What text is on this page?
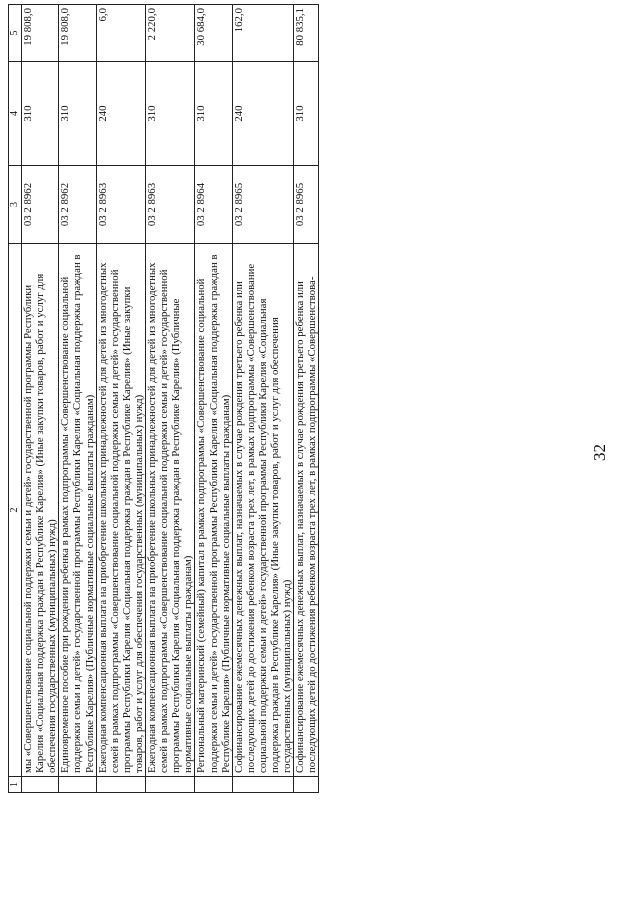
32
1	2	3	4	5
	мы «Совершенствование социальной поддержки семьи и детей» государственной программы Республики Карелия «Социальная поддержка граждан в Республике Карелия» (Иные закупки товаров, работ и услуг для обеспечения государственных (муниципальных) нужд)	03 2 8962	310	19 808,0
	Единовременное пособие при рождении ребенка в рамках подпрограммы «Совершенствование социальной поддержки семьи и детей» государственной программы Республики Карелия «Социальная поддержка граждан в Республике Карелия» (Публичные нормативные социальные выплаты гражданам)	03 2 8962	310	19 808,0
	Ежегодная компенсационная выплата на приобретение школьных принадлежностей для детей из многодетных семей в рамках подпрограммы «Совершенствование социальной поддержки семьи и детей» государственной программы Республики Карелия «Социальная поддержка граждан в Республике Карелия» (Иные закупки товаров, работ и услуг для обеспечения государственных (муниципальных) нужд)	03 2 8963	240	6,0
	Ежегодная компенсационная выплата на приобретение школьных принадлежностей для детей из многодетных семей в рамках подпрограммы «Совершенствование социальной поддержки семьи и детей» государственной программы Республики Карелия «Социальная поддержка граждан в Республике Карелия» (Публичные нормативные социальные выплаты гражданам)	03 2 8963	310	2 220,0
	Региональный материнский (семейный) капитал в рамках подпрограммы «Совершенствование социальной поддержки семьи и детей» государственной программы Республики Карелия «Социальная поддержка граждан в Республике Карелия» (Публичные нормативные социальные выплаты гражданам)	03 2 8964	310	30 684,0
	Софинансирование ежемесячных денежных выплат, назначаемых в случае рождения третьего ребенка или последующих детей до достижения ребенком возраста трех лет, в рамках подпрограммы «Совершенствование социальной поддержки семьи и детей» государственной программы Республики Карелия «Социальная поддержка граждан в Республике Карелия» (Иные закупки товаров, работ и услуг для обеспечения государственных (муниципальных) нужд)	03 2 8965	240	162,0
	Софинансирование ежемесячных денежных выплат, назначаемых в случае рождения третьего ребенка или последующих детей до достижения ребенком возраста трех лет, в рамках подпрограммы «Совершенствова-	03 2 8965	310	80 835,1
